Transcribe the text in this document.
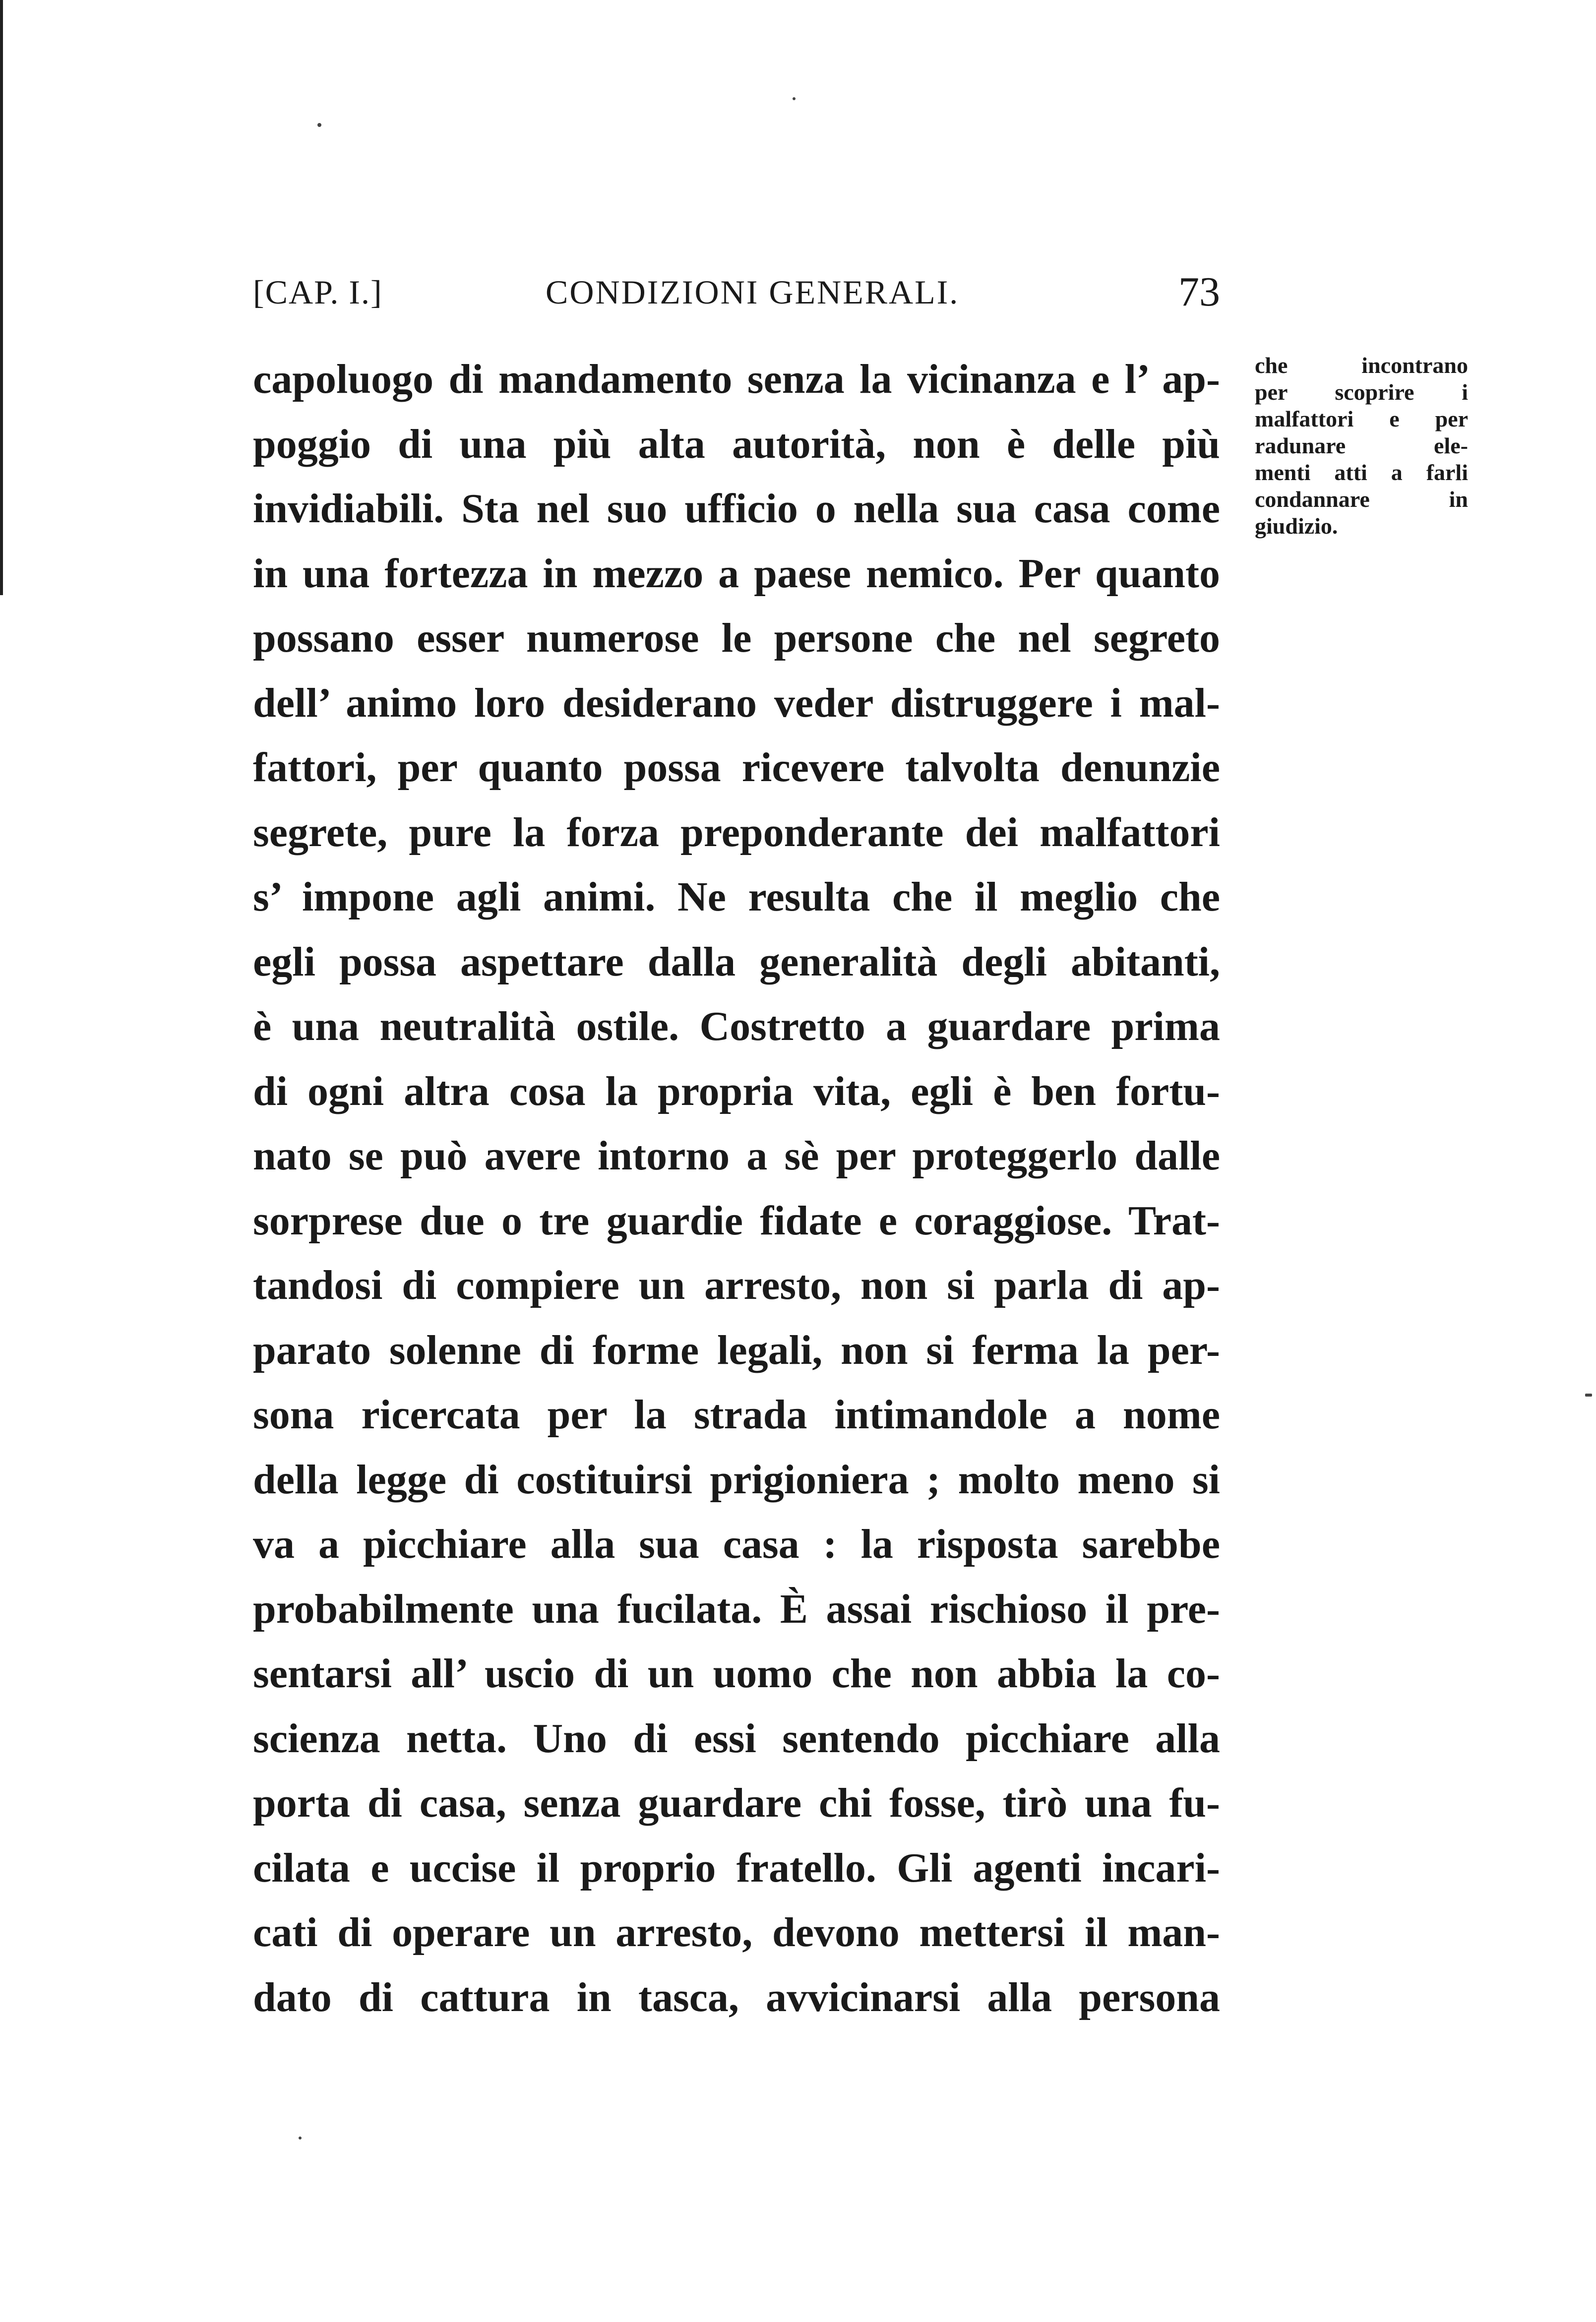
[CAP. I.]	CONDIZIONI GENERALI.	73
capoluogo di mandamento senza la vicinanza e l’ ap-
poggio di una più alta autorità, non è delle più
invidiabili. Sta nel suo ufficio o nella sua casa come
in una fortezza in mezzo a paese nemico. Per quanto
possano esser numerose le persone che nel segreto
dell’ animo loro desiderano veder distruggere i mal-
fattori, per quanto possa ricevere talvolta denunzie
segrete, pure la forza preponderante dei malfattori
s’ impone agli animi. Ne resulta che il meglio che
egli possa aspettare dalla generalità degli abitanti,
è una neutralità ostile. Costretto a guardare prima
di ogni altra cosa la propria vita, egli è ben fortu-
nato se può avere intorno a sè per proteggerlo dalle
sorprese due o tre guardie fidate e coraggiose. Trat-
tandosi di compiere un arresto, non si parla di ap-
parato solenne di forme legali, non si ferma la per-
sona ricercata per la strada intimandole a nome
della legge di costituirsi prigioniera ; molto meno si
va a picchiare alla sua casa : la risposta sarebbe
probabilmente una fucilata. È assai rischioso il pre-
sentarsi all’ uscio di un uomo che non abbia la co-
scienza netta. Uno di essi sentendo picchiare alla
porta di casa, senza guardare chi fosse, tirò una fu-
cilata e uccise il proprio fratello. Gli agenti incari-
cati di operare un arresto, devono mettersi il man-
dato di cattura in tasca, avvicinarsi alla persona
che incontrano
per scoprire i
malfattori e per
radunare ele-
menti atti a farli
condannare in
giudizio.
